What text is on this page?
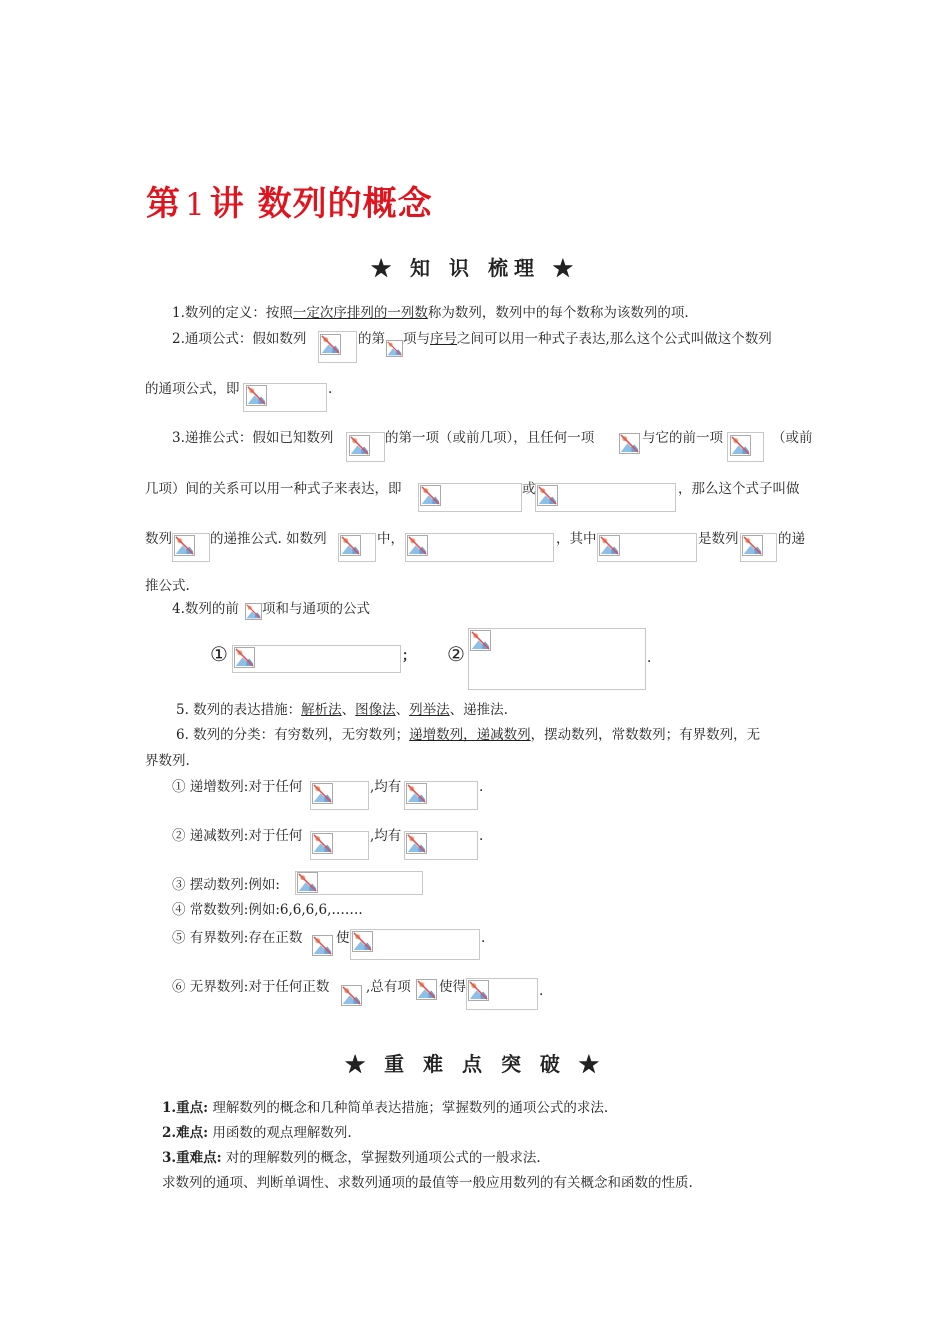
第 1 讲 数列的概念
★ 知 识 梳理 ★
1.数列的定义：按照一定次序排列的一列数称为数列，数列中的每个数称为该数列的项.
2.通项公式：假如数列	的第 项与序号之间可以用一种式子表达,那么这个公式叫做这个数列
的通项公式，即	.
3.递推公式：假如已知数列	的第一项（或前几项），且任何一项	与它的前一项	（或前
几项）间的关系可以用一种式子来表达，即	或	，那么这个式子叫做
数列	的递推公式. 如数列	中，	，其中	是数列	的递
推公式.
4.数列的前 项和与通项的公式
①	； ②	.
5. 数列的表达措施：解析法、图像法、列举法、递推法.
6. 数列的分类：有穷数列，无穷数列；递增数列，递减数列，摆动数列，常数数列；有界数列，无
界数列.
① 递增数列:对于任何	,均有	.
② 递减数列:对于任何	,均有	.
③ 摆动数列:例如:
④ 常数数列:例如:6,6,6,6,…….
⑤ 有界数列:存在正数 使	.
⑥ 无界数列:对于任何正数	,总有项 使得	.
★ 重 难 点 突 破 ★
1.重点: 理解数列的概念和几种简单表达措施；掌握数列的通项公式的求法.
2.难点: 用函数的观点理解数列.
3.重难点: 对的理解数列的概念，掌握数列通项公式的一般求法.
求数列的通项、判断单调性、求数列通项的最值等一般应用数列的有关概念和函数的性质.
